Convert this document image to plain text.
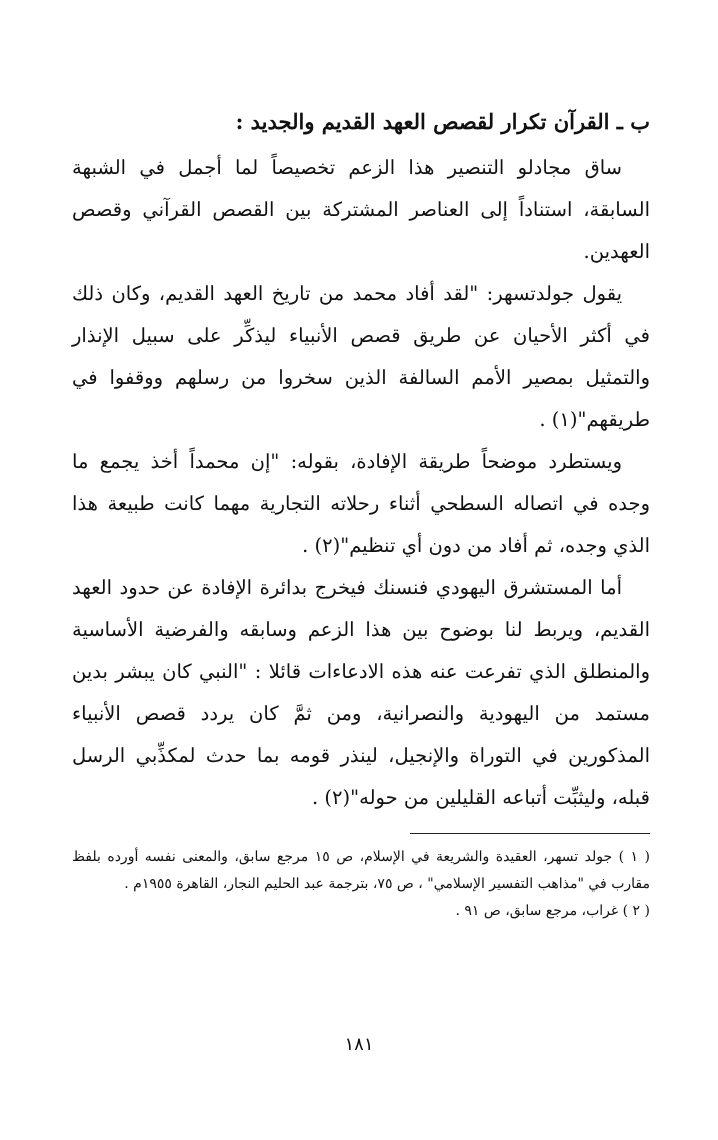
ب ـ القرآن تكرار لقصص العهد القديم والجديد :

ساق مجادلو التنصير هذا الزعم تخصيصاً لما أجمل في الشبهة السابقة، استناداً إلى العناصر المشتركة بين القصص القرآني وقصص العهدين.

يقول جولدتسهر: "لقد أفاد محمد من تاريخ العهد القديم، وكان ذلك في أكثر الأحيان عن طريق قصص الأنبياء ليذكِّر على سبيل الإنذار والتمثيل بمصير الأمم السالفة الذين سخروا من رسلهم ووقفوا في طريقهم"(١) .

ويستطرد موضحاً طريقة الإفادة، بقوله: "إن محمداً أخذ يجمع ما وجده في اتصاله السطحي أثناء رحلاته التجارية مهما كانت طبيعة هذا الذي وجده، ثم أفاد من دون أي تنظيم"(٢) .

أما المستشرق اليهودي فنسنك فيخرج بدائرة الإفادة عن حدود العهد القديم، ويربط لنا بوضوح بين هذا الزعم وسابقه والفرضية الأساسية والمنطلق الذي تفرعت عنه هذه الادعاءات قائلا : "النبي كان يبشر بدين مستمد من اليهودية والنصرانية، ومن ثمَّ كان يردد قصص الأنبياء المذكورين في التوراة والإنجيل، لينذر قومه بما حدث لمكذِّبي الرسل قبله، وليثبِّت أتباعه القليلين من حوله"(٢) .

( ١ ) جولد تسهر، العقيدة والشريعة في الإسلام، ص ١٥ مرجع سابق، والمعنى نفسه أورده بلفظ مقارب في "مذاهب التفسير الإسلامي" ، ص ٧٥، بترجمة عبد الحليم النجار، القاهرة ١٩٥٥م .

( ٢ ) غراب، مرجع سابق، ص ٩١ .

١٨١
